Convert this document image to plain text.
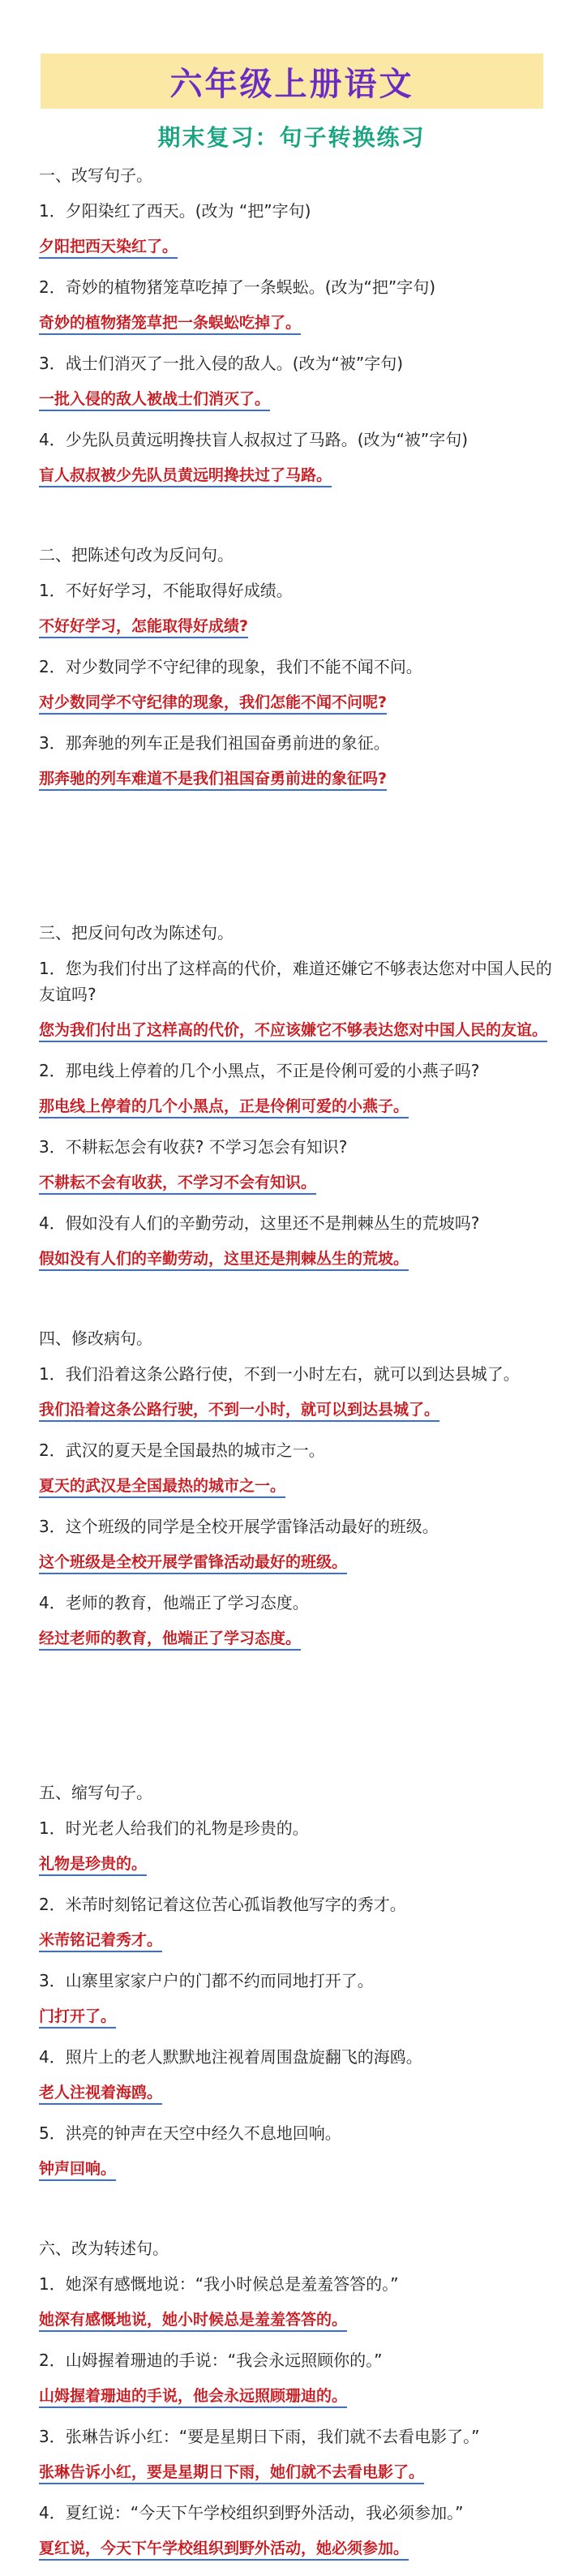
六年级上册语文
期末复习：句子转换练习
一、改写句子。
1．夕阳染红了西天。(改为 “把”字句)
夕阳把西天染红了。
2．奇妙的植物猪笼草吃掉了一条蜈蚣。(改为“把”字句)
奇妙的植物猪笼草把一条蜈蚣吃掉了。
3．战士们消灭了一批入侵的敌人。(改为“被”字句)
一批入侵的敌人被战士们消灭了。
4．少先队员黄远明搀扶盲人叔叔过了马路。(改为“被”字句)
盲人叔叔被少先队员黄远明搀扶过了马路。
二、把陈述句改为反问句。
1．不好好学习，不能取得好成绩。
不好好学习，怎能取得好成绩?
2．对少数同学不守纪律的现象，我们不能不闻不问。
对少数同学不守纪律的现象，我们怎能不闻不问呢?
3．那奔驰的列车正是我们祖国奋勇前进的象征。
那奔驰的列车难道不是我们祖国奋勇前进的象征吗?
三、把反问句改为陈述句。
1．您为我们付出了这样高的代价，难道还嫌它不够表达您对中国人民的友谊吗?
您为我们付出了这样高的代价，不应该嫌它不够表达您对中国人民的友谊。
2．那电线上停着的几个小黑点，不正是伶俐可爱的小燕子吗?
那电线上停着的几个小黑点，正是伶俐可爱的小燕子。
3．不耕耘怎会有收获? 不学习怎会有知识?
不耕耘不会有收获，不学习不会有知识。
4．假如没有人们的辛勤劳动，这里还不是荆棘丛生的荒坡吗?
假如没有人们的辛勤劳动，这里还是荆棘丛生的荒坡。
四、修改病句。
1．我们沿着这条公路行使，不到一小时左右，就可以到达县城了。
我们沿着这条公路行驶，不到一小时，就可以到达县城了。
2．武汉的夏天是全国最热的城市之一。
夏天的武汉是全国最热的城市之一。
3．这个班级的同学是全校开展学雷锋活动最好的班级。
这个班级是全校开展学雷锋活动最好的班级。
4．老师的教育，他端正了学习态度。
经过老师的教育，他端正了学习态度。
五、缩写句子。
1．时光老人给我们的礼物是珍贵的。
礼物是珍贵的。
2．米芾时刻铭记着这位苦心孤诣教他写字的秀才。
米芾铭记着秀才。
3．山寨里家家户户的门都不约而同地打开了。
门打开了。
4．照片上的老人默默地注视着周围盘旋翻飞的海鸥。
老人注视着海鸥。
5．洪亮的钟声在天空中经久不息地回响。
钟声回响。
六、改为转述句。
1．她深有感慨地说：“我小时候总是羞羞答答的。”
她深有感慨地说，她小时候总是羞羞答答的。
2．山姆握着珊迪的手说：“我会永远照顾你的。”
山姆握着珊迪的手说，他会永远照顾珊迪的。
3．张琳告诉小红：“要是星期日下雨，我们就不去看电影了。”
张琳告诉小红，要是星期日下雨，她们就不去看电影了。
4．夏红说：“今天下午学校组织到野外活动，我必须参加。”
夏红说，今天下午学校组织到野外活动，她必须参加。
